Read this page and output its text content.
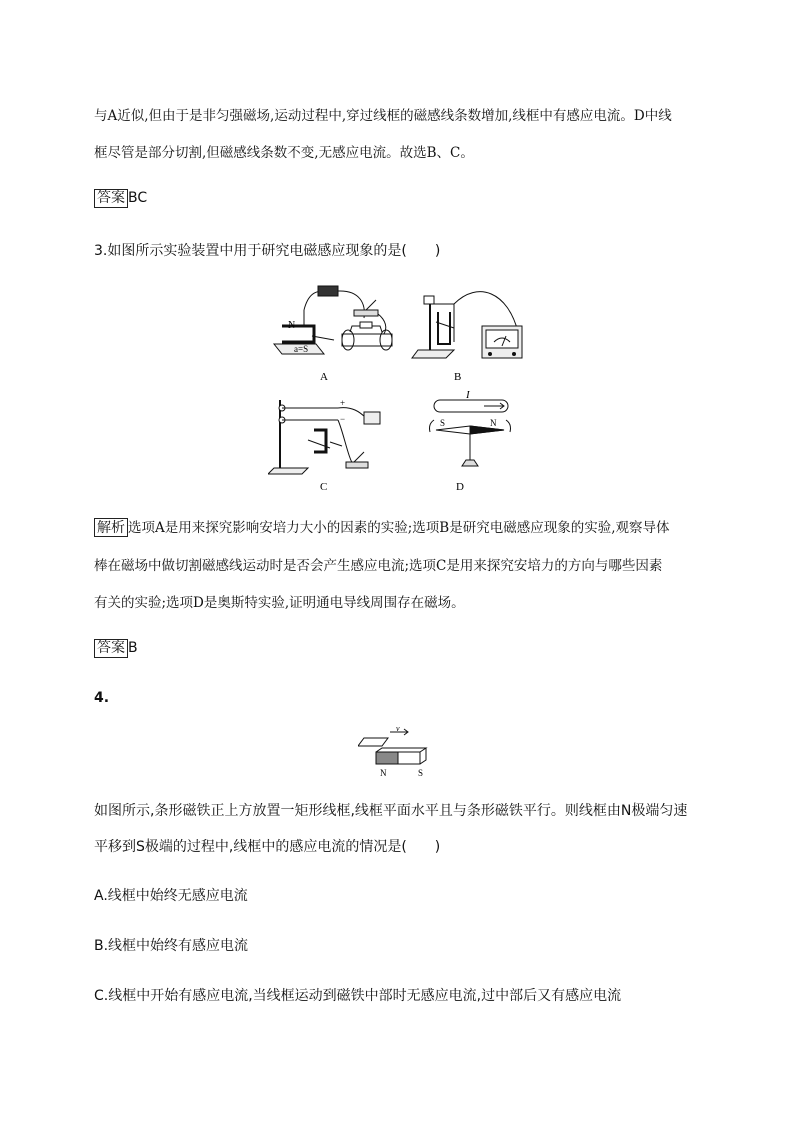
与A近似,但由于是非匀强磁场,运动过程中,穿过线框的磁感线条数增加,线框中有感应电流。D中线
框尽管是部分切割,但磁感线条数不变,无感应电流。故选B、C。
答案 BC
3.如图所示实验装置中用于研究电磁感应现象的是(　　)
N
a=S
A	B
+
−
C
I
S	N
D
解析 选项A是用来探究影响安培力大小的因素的实验;选项B是研究电磁感应现象的实验,观察导体
棒在磁场中做切割磁感线运动时是否会产生感应电流;选项C是用来探究安培力的方向与哪些因素
有关的实验;选项D是奥斯特实验,证明通电导线周围存在磁场。
答案 B
4.
v
N	S
如图所示,条形磁铁正上方放置一矩形线框,线框平面水平且与条形磁铁平行。则线框由N极端匀速
平移到S极端的过程中,线框中的感应电流的情况是(　　)
A.线框中始终无感应电流
B.线框中始终有感应电流
C.线框中开始有感应电流,当线框运动到磁铁中部时无感应电流,过中部后又有感应电流
